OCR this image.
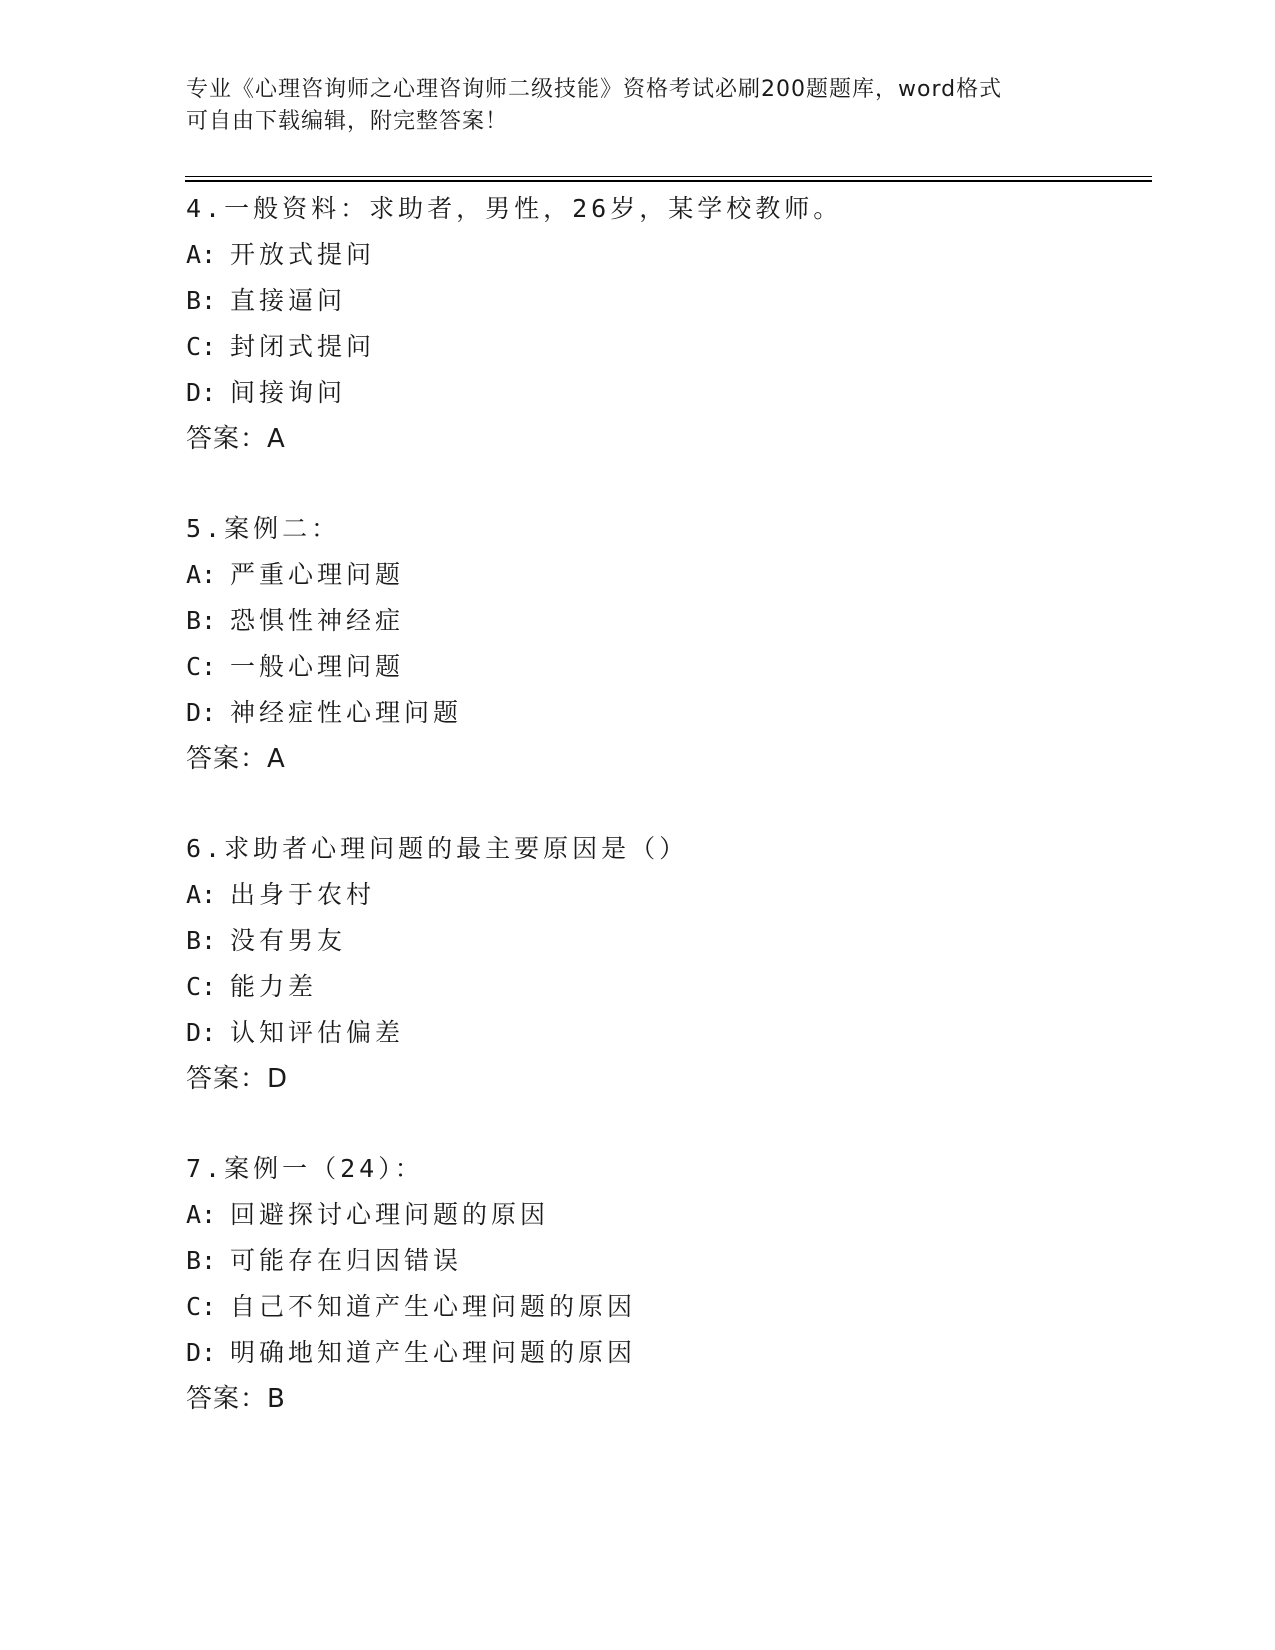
专业《心理咨询师之心理咨询师二级技能》资格考试必刷200题题库，word格式
可自由下载编辑，附完整答案！
4.一般资料：求助者，男性，26岁，某学校教师。
A: 开放式提问
B: 直接逼问
C: 封闭式提问
D: 间接询问
答案：A
5.案例二：
A: 严重心理问题
B: 恐惧性神经症
C: 一般心理问题
D: 神经症性心理问题
答案：A
6.求助者心理问题的最主要原因是（）
A: 出身于农村
B: 没有男友
C: 能力差
D: 认知评估偏差
答案：D
7.案例一（24）：
A: 回避探讨心理问题的原因
B: 可能存在归因错误
C: 自己不知道产生心理问题的原因
D: 明确地知道产生心理问题的原因
答案：B
